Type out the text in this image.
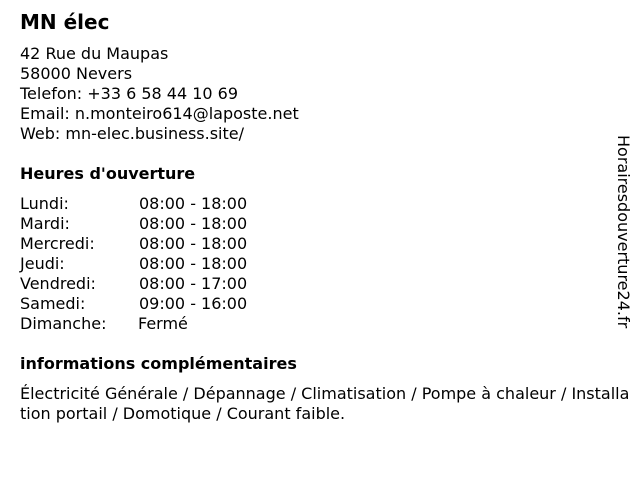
MN élec
42 Rue du Maupas
58000 Nevers
Telefon: +33 6 58 44 10 69
Email: n.monteiro614@laposte.net
Web: mn-elec.business.site/
Heures d'ouverture
Lundi:	08:00 - 18:00
Mardi:	08:00 - 18:00
Mercredi:	08:00 - 18:00
Jeudi:	08:00 - 18:00
Vendredi:	08:00 - 17:00
Samedi:	09:00 - 16:00
Dimanche: Fermé
informations complémentaires
Électricité Générale / Dépannage / Climatisation / Pompe à chaleur / Installation portail / Domotique / Courant faible.
Horairesdouverture24.fr
